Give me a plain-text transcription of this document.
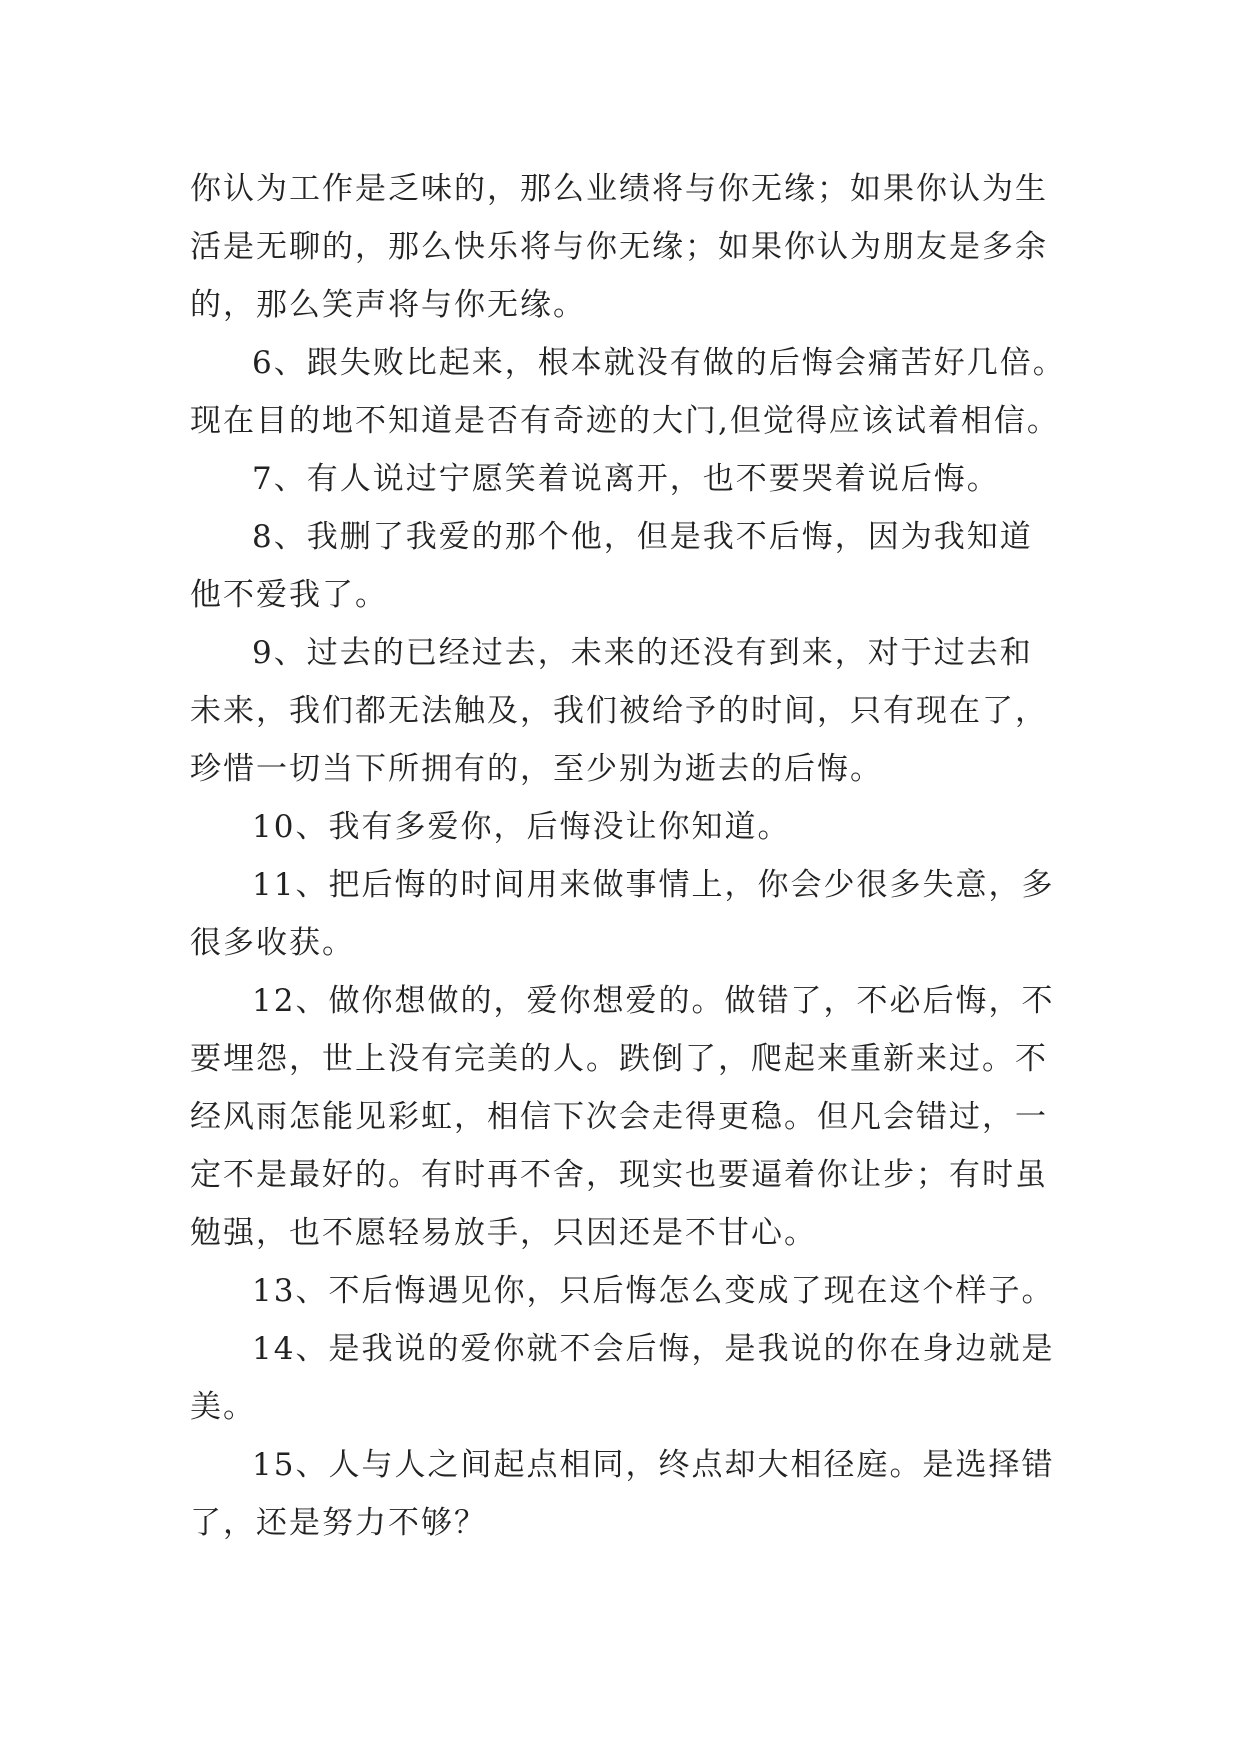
你认为工作是乏味的，那么业绩将与你无缘；如果你认为生

活是无聊的，那么快乐将与你无缘；如果你认为朋友是多余

的，那么笑声将与你无缘。

6、跟失败比起来，根本就没有做的后悔会痛苦好几倍。

现在目的地不知道是否有奇迹的大门,但觉得应该试着相信。

7、有人说过宁愿笑着说离开，也不要哭着说后悔。

8、我删了我爱的那个他，但是我不后悔，因为我知道

他不爱我了。

9、过去的已经过去，未来的还没有到来，对于过去和

未来，我们都无法触及，我们被给予的时间，只有现在了，

珍惜一切当下所拥有的，至少别为逝去的后悔。

10、我有多爱你，后悔没让你知道。

11、把后悔的时间用来做事情上，你会少很多失意，多

很多收获。

12、做你想做的，爱你想爱的。做错了，不必后悔，不

要埋怨，世上没有完美的人。跌倒了，爬起来重新来过。不

经风雨怎能见彩虹，相信下次会走得更稳。但凡会错过，一

定不是最好的。有时再不舍，现实也要逼着你让步；有时虽

勉强，也不愿轻易放手，只因还是不甘心。

13、不后悔遇见你，只后悔怎么变成了现在这个样子。

14、是我说的爱你就不会后悔，是我说的你在身边就是

美。

15、人与人之间起点相同，终点却大相径庭。是选择错

了，还是努力不够？
